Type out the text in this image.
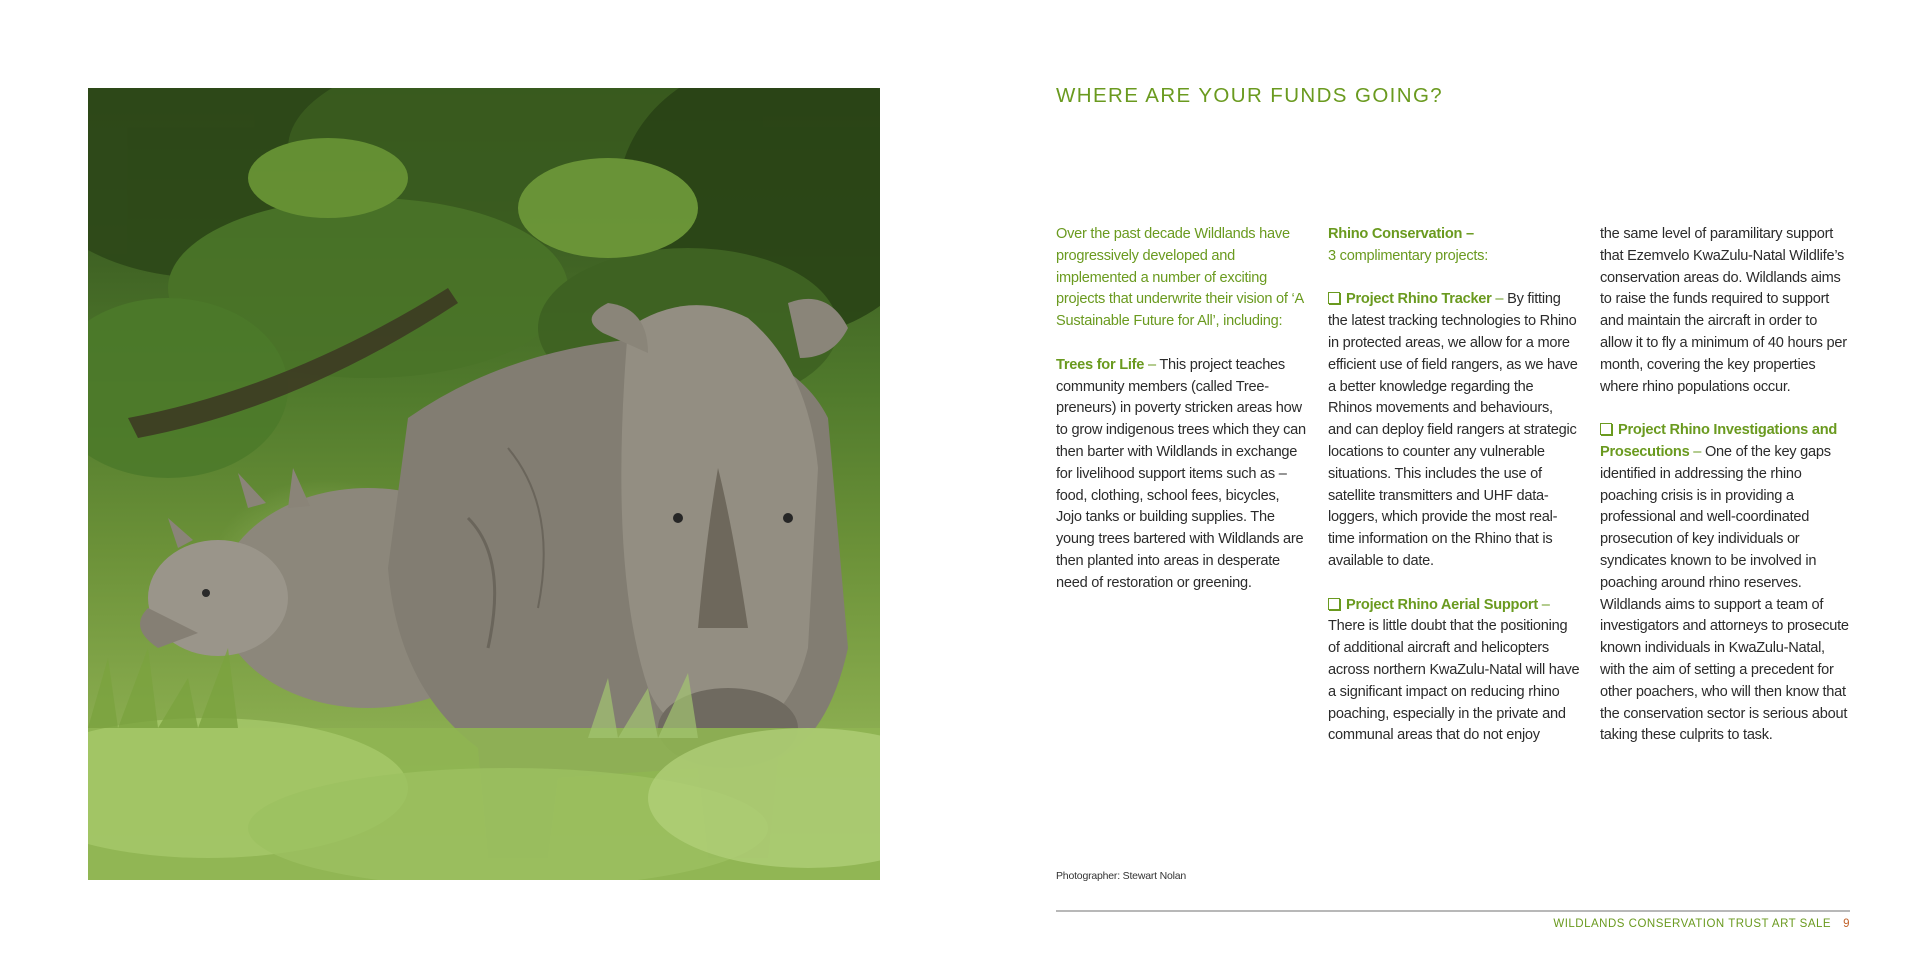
WHERE ARE YOUR FUNDS GOING?

Over the past decade Wildlands have progressively developed and implemented a number of exciting projects that underwrite their vision of ‘A Sustainable Future for All’, including:

Trees for Life – This project teaches community members (called Tree-preneurs) in poverty stricken areas how to grow indigenous trees which they can then barter with Wildlands in exchange for livelihood support items such as – food, clothing, school fees, bicycles, Jojo tanks or building supplies. The young trees bartered with Wildlands are then planted into areas in desperate need of restoration or greening.

Rhino Conservation –
3 complimentary projects:

Project Rhino Tracker – By fitting the latest tracking technologies to Rhino in protected areas, we allow for a more efficient use of field rangers, as we have a better knowledge regarding the Rhinos movements and behaviours, and can deploy field rangers at strategic locations to counter any vulnerable situations. This includes the use of satellite transmitters and UHF data-loggers, which provide the most real-time information on the Rhino that is available to date.

Project Rhino Aerial Support –
There is little doubt that the positioning of additional aircraft and helicopters across northern KwaZulu-Natal will have a significant impact on reducing rhino poaching, especially in the private and communal areas that do not enjoy

the same level of paramilitary support that Ezemvelo KwaZulu-Natal Wildlife’s conservation areas do. Wildlands aims to raise the funds required to support and maintain the aircraft in order to allow it to fly a minimum of 40 hours per month, covering the key properties where rhino populations occur.

Project Rhino Investigations and Prosecutions – One of the key gaps identified in addressing the rhino poaching crisis is in providing a professional and well-coordinated prosecution of key individuals or syndicates known to be involved in poaching around rhino reserves. Wildlands aims to support a team of investigators and attorneys to prosecute known individuals in KwaZulu-Natal, with the aim of setting a precedent for other poachers, who will then know that the conservation sector is serious about taking these culprits to task.

Photographer: Stewart Nolan
WILDLANDS CONSERVATION TRUST ART SALE 9
